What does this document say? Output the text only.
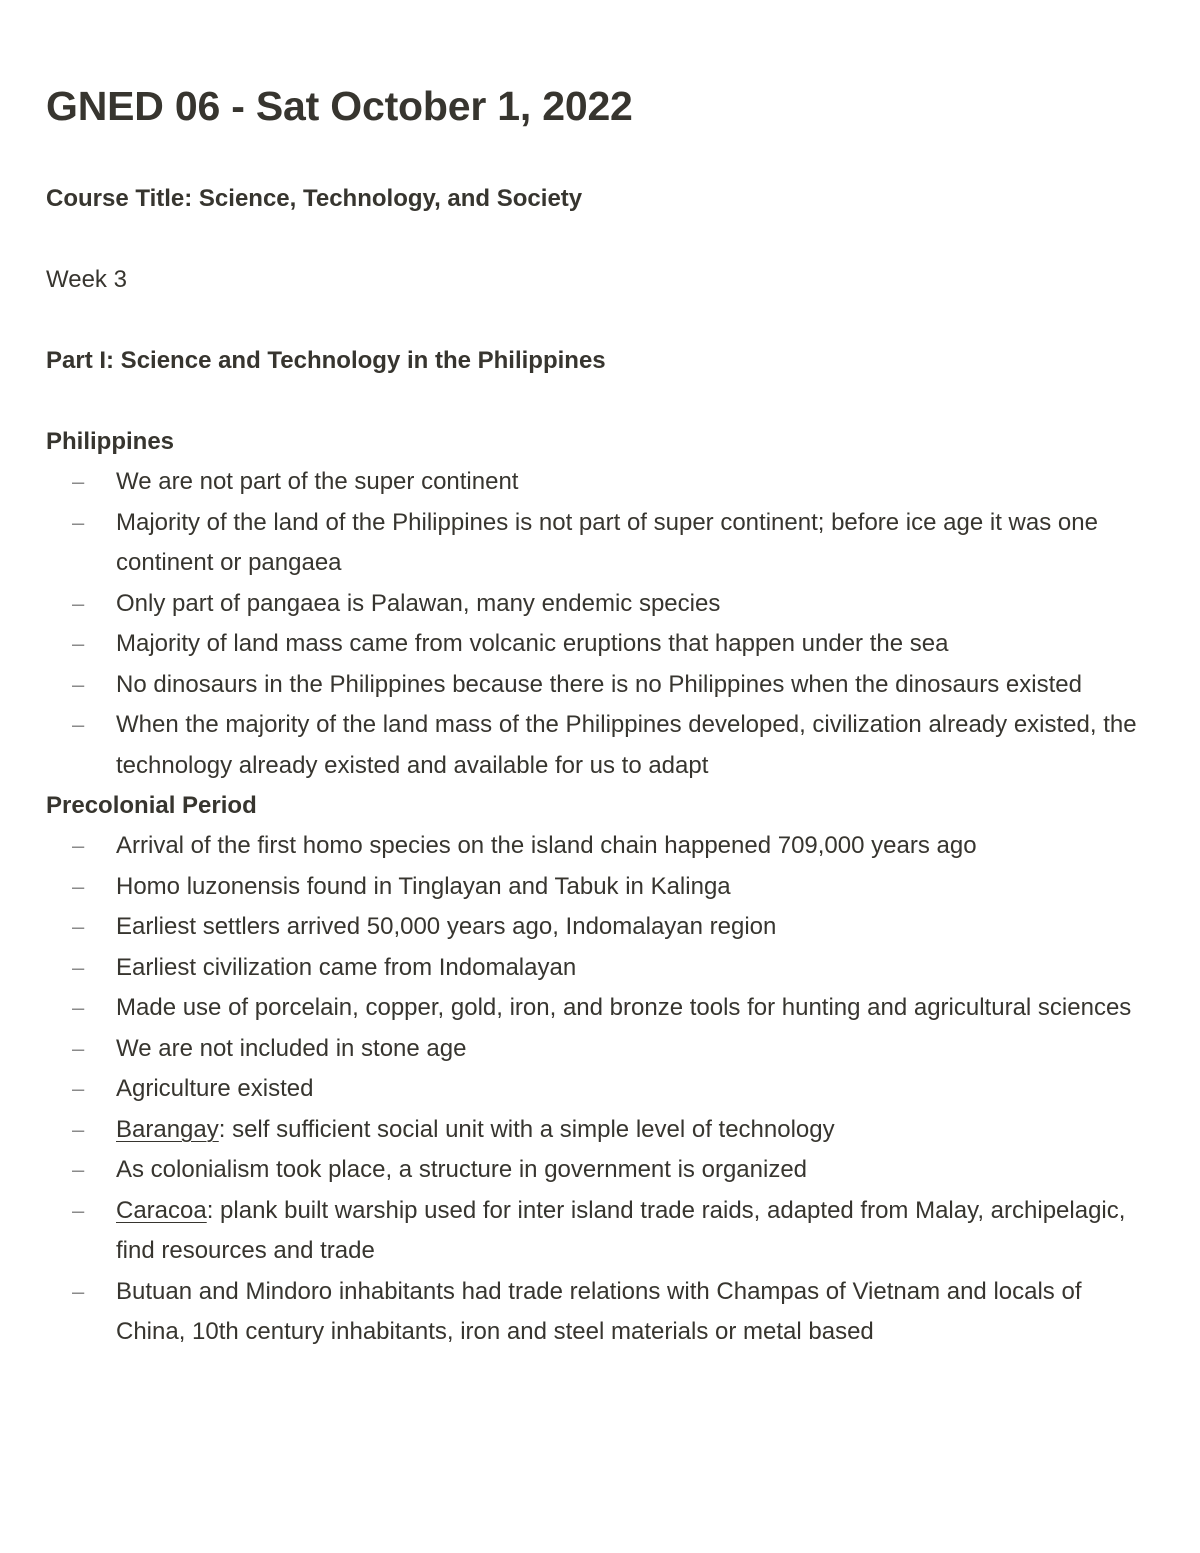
GNED 06 - Sat October 1, 2022
Course Title: Science, Technology, and Society
Week 3
Part I: Science and Technology in the Philippines
Philippines
– We are not part of the super continent
– Majority of the land of the Philippines is not part of super continent; before ice age it was one continent or pangaea
– Only part of pangaea is Palawan, many endemic species
– Majority of land mass came from volcanic eruptions that happen under the sea
– No dinosaurs in the Philippines because there is no Philippines when the dinosaurs existed
– When the majority of the land mass of the Philippines developed, civilization already existed, the technology already existed and available for us to adapt
Precolonial Period
– Arrival of the first homo species on the island chain happened 709,000 years ago
– Homo luzonensis found in Tinglayan and Tabuk in Kalinga
– Earliest settlers arrived 50,000 years ago, Indomalayan region
– Earliest civilization came from Indomalayan
– Made use of porcelain, copper, gold, iron, and bronze tools for hunting and agricultural sciences
– We are not included in stone age
– Agriculture existed
– Barangay: self sufficient social unit with a simple level of technology
– As colonialism took place, a structure in government is organized
– Caracoa: plank built warship used for inter island trade raids, adapted from Malay, archipelagic, find resources and trade
– Butuan and Mindoro inhabitants had trade relations with Champas of Vietnam and locals of China, 10th century inhabitants, iron and steel materials or metal based
